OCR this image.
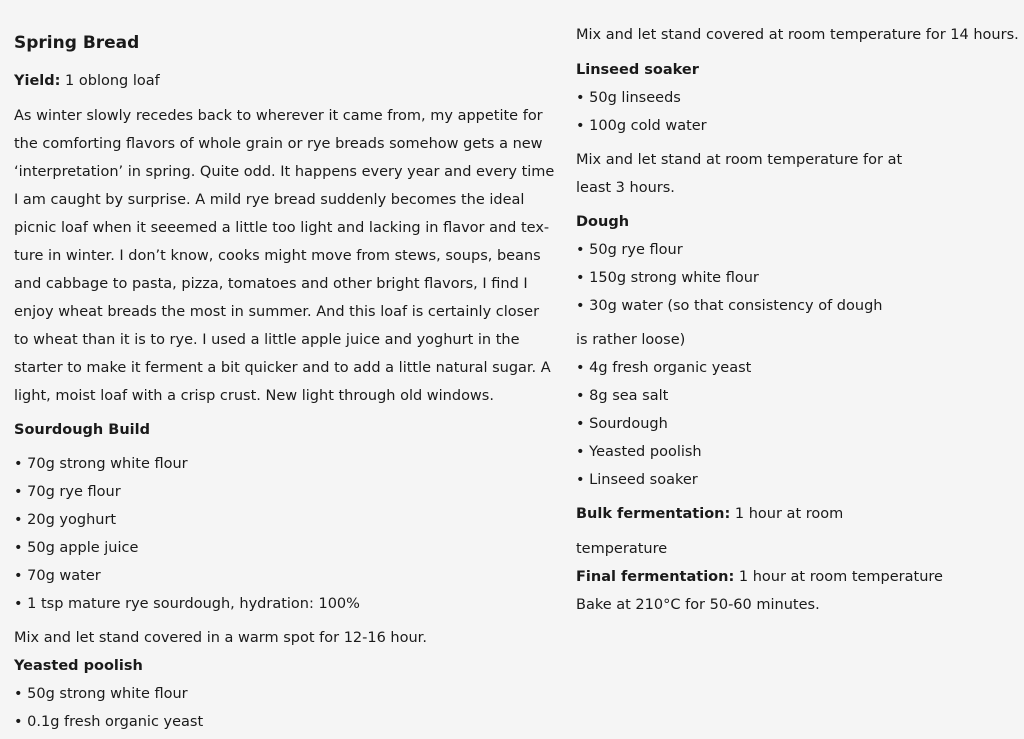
Spring Bread
Yield: 1 oblong loaf
As winter slowly recedes back to wherever it came from, my appetite for
the comforting flavors of whole grain or rye breads somehow gets a new
‘interpretation’ in spring. Quite odd. It happens every year and every time
I am caught by surprise. A mild rye bread suddenly becomes the ideal
picnic loaf when it seeemed a little too light and lacking in flavor and tex-
ture in winter. I don’t know, cooks might move from stews, soups, beans
and cabbage to pasta, pizza, tomatoes and other bright flavors, I find I
enjoy wheat breads the most in summer. And this loaf is certainly closer
to wheat than it is to rye. I used a little apple juice and yoghurt in the
starter to make it ferment a bit quicker and to add a little natural sugar. A
light, moist loaf with a crisp crust. New light through old windows.
Sourdough Build
• 70g strong white flour
• 70g rye flour
• 20g yoghurt
• 50g apple juice
• 70g water
• 1 tsp mature rye sourdough, hydration: 100%
Mix and let stand covered in a warm spot for 12-16 hour.
Yeasted poolish
• 50g strong white flour
• 0.1g fresh organic yeast
Mix and let stand covered at room temperature for 14 hours.
Linseed soaker
• 50g linseeds
• 100g cold water
Mix and let stand at room temperature for at
least 3 hours.
Dough
• 50g rye flour
• 150g strong white flour
• 30g water (so that consistency of dough
is rather loose)
• 4g fresh organic yeast
• 8g sea salt
• Sourdough
• Yeasted poolish
• Linseed soaker
Bulk fermentation: 1 hour at room
temperature
Final fermentation: 1 hour at room temperature
Bake at 210°C for 50-60 minutes.
